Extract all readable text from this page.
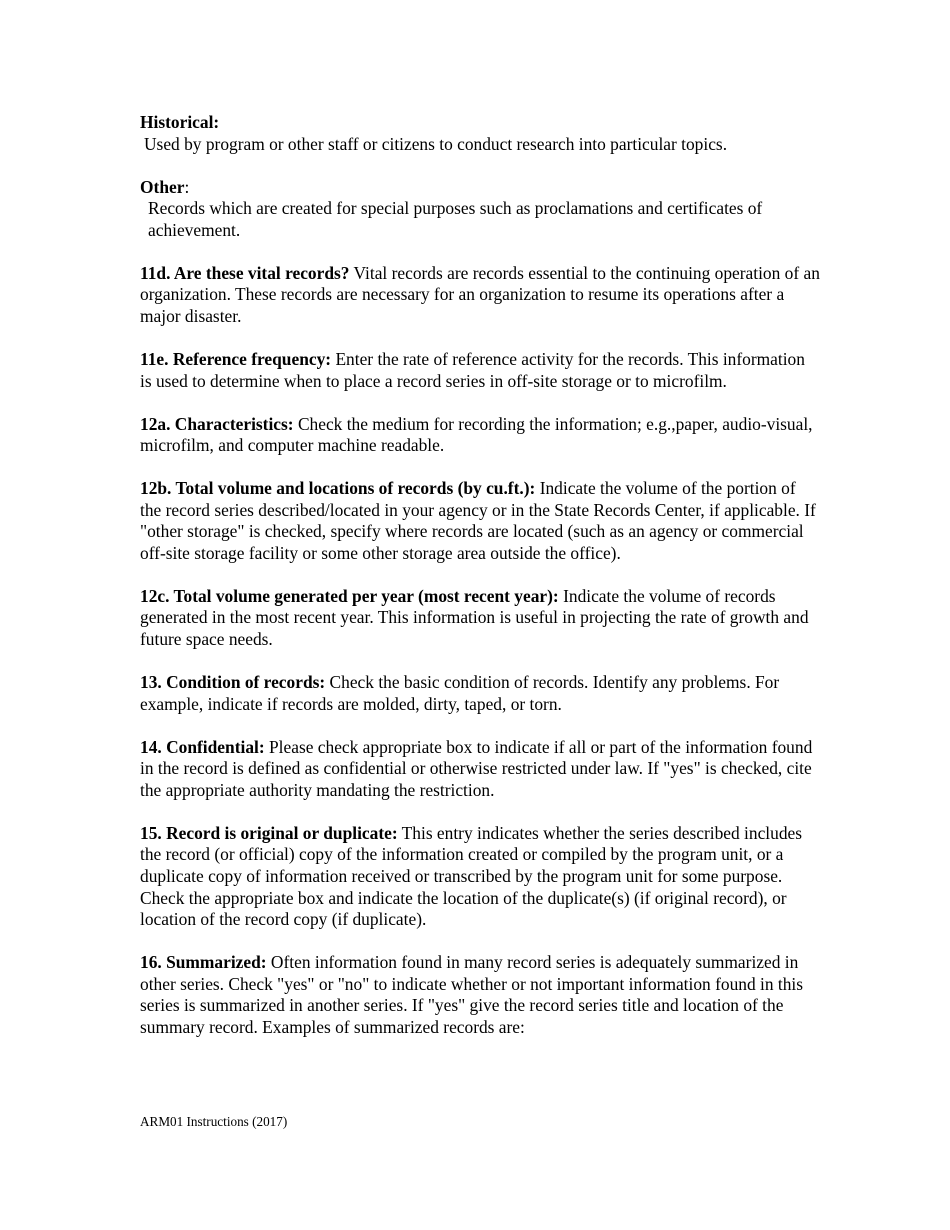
Historical:

Used by program or other staff or citizens to conduct research into particular topics.

Other:

Records which are created for special purposes such as proclamations and certificates of achievement.

11d. Are these vital records? Vital records are records essential to the continuing operation of an organization. These records are necessary for an organization to resume its operations after a major disaster.

11e. Reference frequency: Enter the rate of reference activity for the records. This information is used to determine when to place a record series in off-site storage or to microfilm.

12a. Characteristics: Check the medium for recording the information; e.g.,paper, audio-visual, microfilm, and computer machine readable.

12b. Total volume and locations of records (by cu.ft.): Indicate the volume of the portion of the record series described/located in your agency or in the State Records Center, if applicable. If "other storage" is checked, specify where records are located (such as an agency or commercial off-site storage facility or some other storage area outside the office).

12c. Total volume generated per year (most recent year): Indicate the volume of records generated in the most recent year. This information is useful in projecting the rate of growth and future space needs.

13. Condition of records: Check the basic condition of records. Identify any problems. For example, indicate if records are molded, dirty, taped, or torn.

14. Confidential: Please check appropriate box to indicate if all or part of the information found in the record is defined as confidential or otherwise restricted under law. If "yes" is checked, cite the appropriate authority mandating the restriction.

15. Record is original or duplicate: This entry indicates whether the series described includes the record (or official) copy of the information created or compiled by the program unit, or a duplicate copy of information received or transcribed by the program unit for some purpose. Check the appropriate box and indicate the location of the duplicate(s) (if original record), or location of the record copy (if duplicate).

16. Summarized: Often information found in many record series is adequately summarized in other series. Check "yes" or "no" to indicate whether or not important information found in this series is summarized in another series. If "yes" give the record series title and location of the summary record. Examples of summarized records are:

ARM01 Instructions (2017)
